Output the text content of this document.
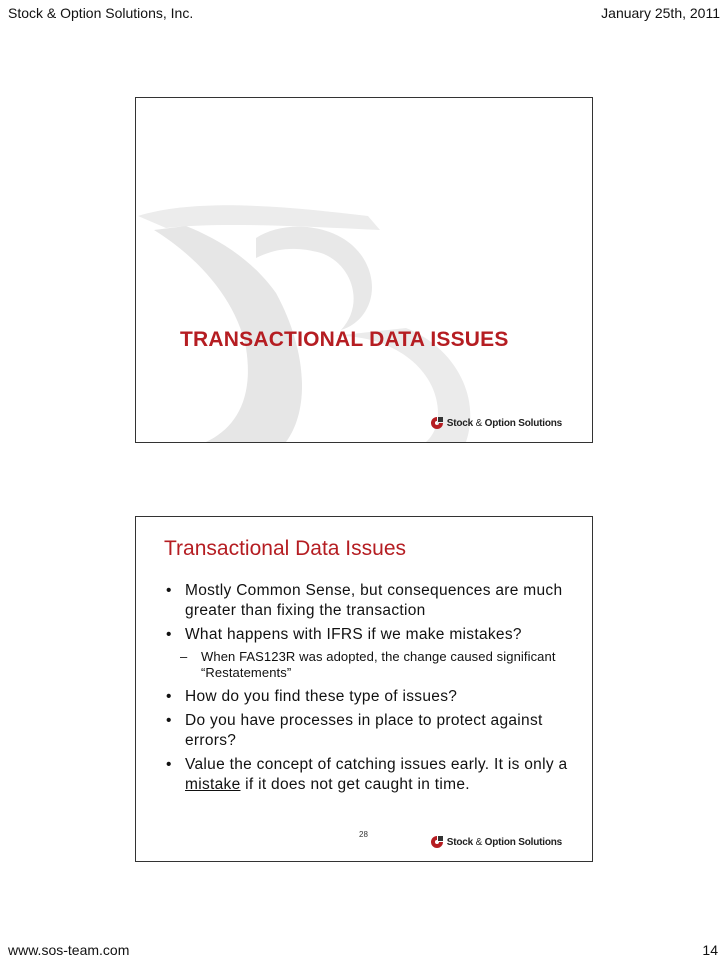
Stock & Option Solutions, Inc.	January 25th, 2011
TRANSACTIONAL DATA ISSUES
Stock & Option Solutions
Transactional Data Issues
• Mostly Common Sense, but consequences are much greater than fixing the transaction
• What happens with IFRS if we make mistakes?
– When FAS123R was adopted, the change caused significant “Restatements”
• How do you find these type of issues?
• Do you have processes in place to protect against errors?
• Value the concept of catching issues early. It is only a mistake if it does not get caught in time.
28
Stock & Option Solutions
www.sos-team.com	14
